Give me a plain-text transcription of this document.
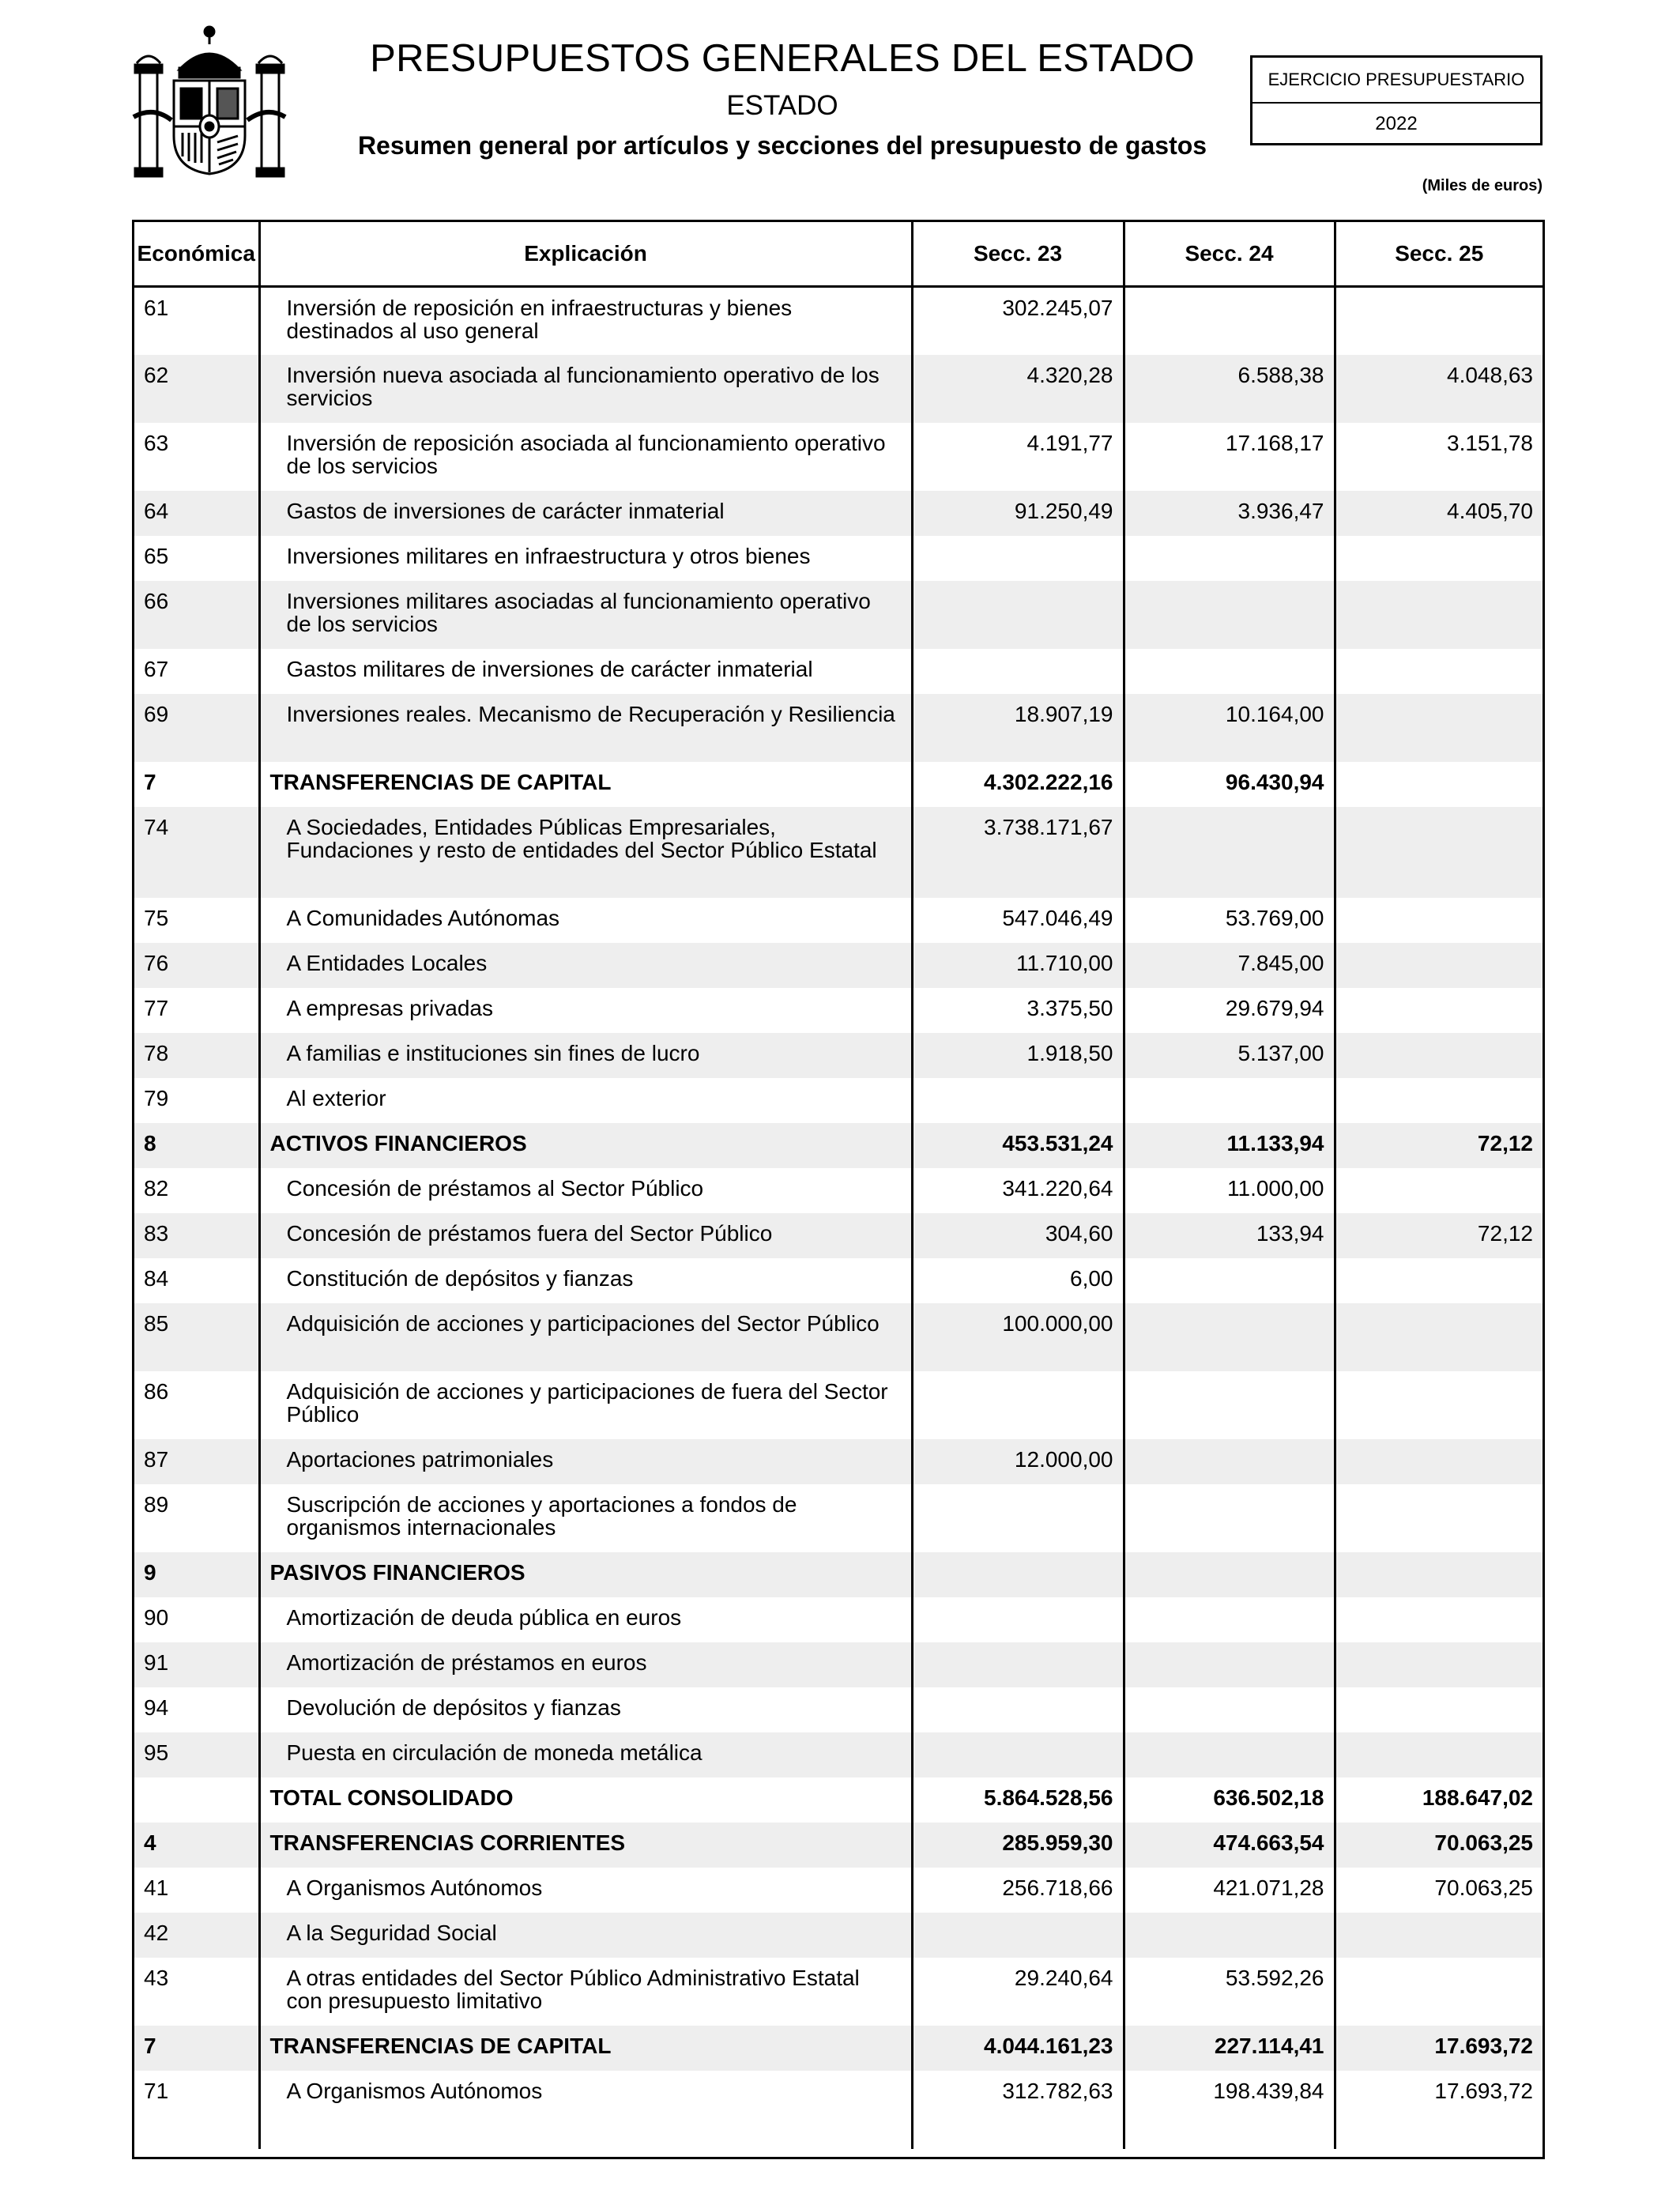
PRESUPUESTOS GENERALES DEL ESTADO
ESTADO
Resumen general por artículos y secciones del presupuesto de gastos
EJERCICIO PRESUPUESTARIO
2022
(Miles de euros)
Económica	Explicación	Secc. 23	Secc. 24	Secc. 25
61	Inversión de reposición en infraestructuras y bienes destinados al uso general	302.245,07		
62	Inversión nueva asociada al funcionamiento operativo de los servicios	4.320,28	6.588,38	4.048,63
63	Inversión de reposición asociada al funcionamiento operativo de los servicios	4.191,77	17.168,17	3.151,78
64	Gastos de inversiones de carácter inmaterial	91.250,49	3.936,47	4.405,70
65	Inversiones militares en infraestructura y otros bienes			
66	Inversiones militares asociadas al funcionamiento operativo de los servicios			
67	Gastos militares de inversiones de carácter inmaterial			
69	Inversiones reales. Mecanismo de Recuperación y Resiliencia	18.907,19	10.164,00	
7	TRANSFERENCIAS DE CAPITAL	4.302.222,16	96.430,94	
74	A Sociedades, Entidades Públicas Empresariales, Fundaciones y resto de entidades del Sector Público Estatal	3.738.171,67		
75	A Comunidades Autónomas	547.046,49	53.769,00	
76	A Entidades Locales	11.710,00	7.845,00	
77	A empresas privadas	3.375,50	29.679,94	
78	A familias e instituciones sin fines de lucro	1.918,50	5.137,00	
79	Al exterior			
8	ACTIVOS FINANCIEROS	453.531,24	11.133,94	72,12
82	Concesión de préstamos al Sector Público	341.220,64	11.000,00	
83	Concesión de préstamos fuera del Sector Público	304,60	133,94	72,12
84	Constitución de depósitos y fianzas	6,00		
85	Adquisición de acciones y participaciones del Sector Público	100.000,00		
86	Adquisición de acciones y participaciones de fuera del Sector Público			
87	Aportaciones patrimoniales	12.000,00		
89	Suscripción de acciones y aportaciones a fondos de organismos internacionales			
9	PASIVOS FINANCIEROS			
90	Amortización de deuda pública en euros			
91	Amortización de préstamos en euros			
94	Devolución de depósitos y fianzas			
95	Puesta en circulación de moneda metálica			
	TOTAL CONSOLIDADO	5.864.528,56	636.502,18	188.647,02
4	TRANSFERENCIAS CORRIENTES	285.959,30	474.663,54	70.063,25
41	A Organismos Autónomos	256.718,66	421.071,28	70.063,25
42	A la Seguridad Social			
43	A otras entidades del Sector Público Administrativo Estatal con presupuesto limitativo	29.240,64	53.592,26	
7	TRANSFERENCIAS DE CAPITAL	4.044.161,23	227.114,41	17.693,72
71	A Organismos Autónomos	312.782,63	198.439,84	17.693,72
